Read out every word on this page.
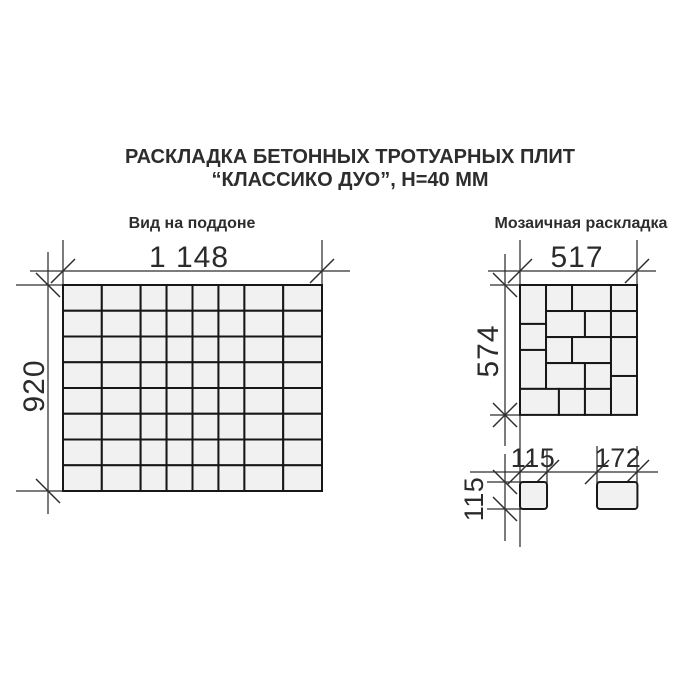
РАСКЛАДКА БЕТОННЫХ ТРОТУАРНЫХ ПЛИТ
“КЛАССИКО ДУО”, Н=40 ММ
Вид на поддоне	Мозаичная раскладка
1 148
920
517
574
115
115
172
